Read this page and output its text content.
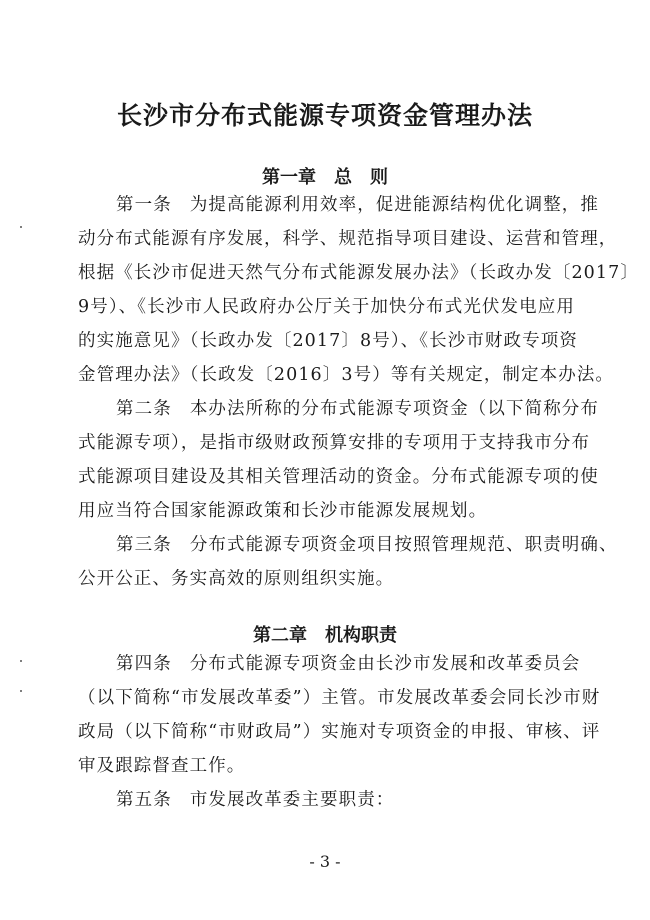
长沙市分布式能源专项资金管理办法
第一章　总　则
第一条 为提高能源利用效率，促进能源结构优化调整，推
动分布式能源有序发展，科学、规范指导项目建设、运营和管理，
根据《长沙市促进天然气分布式能源发展办法》（长政办发〔2017〕
9号）、《长沙市人民政府办公厅关于加快分布式光伏发电应用
的实施意见》（长政办发〔2017〕8号）、《长沙市财政专项资
金管理办法》（长政发〔2016〕3号）等有关规定，制定本办法。
第二条 本办法所称的分布式能源专项资金（以下简称分布
式能源专项），是指市级财政预算安排的专项用于支持我市分布
式能源项目建设及其相关管理活动的资金。分布式能源专项的使
用应当符合国家能源政策和长沙市能源发展规划。
第三条 分布式能源专项资金项目按照管理规范、职责明确、
公开公正、务实高效的原则组织实施。
第二章　机构职责
第四条 分布式能源专项资金由长沙市发展和改革委员会
（以下简称“市发展改革委”）主管。市发展改革委会同长沙市财
政局（以下简称“市财政局”）实施对专项资金的申报、审核、评
审及跟踪督查工作。
第五条 市发展改革委主要职责：
- 3 -
